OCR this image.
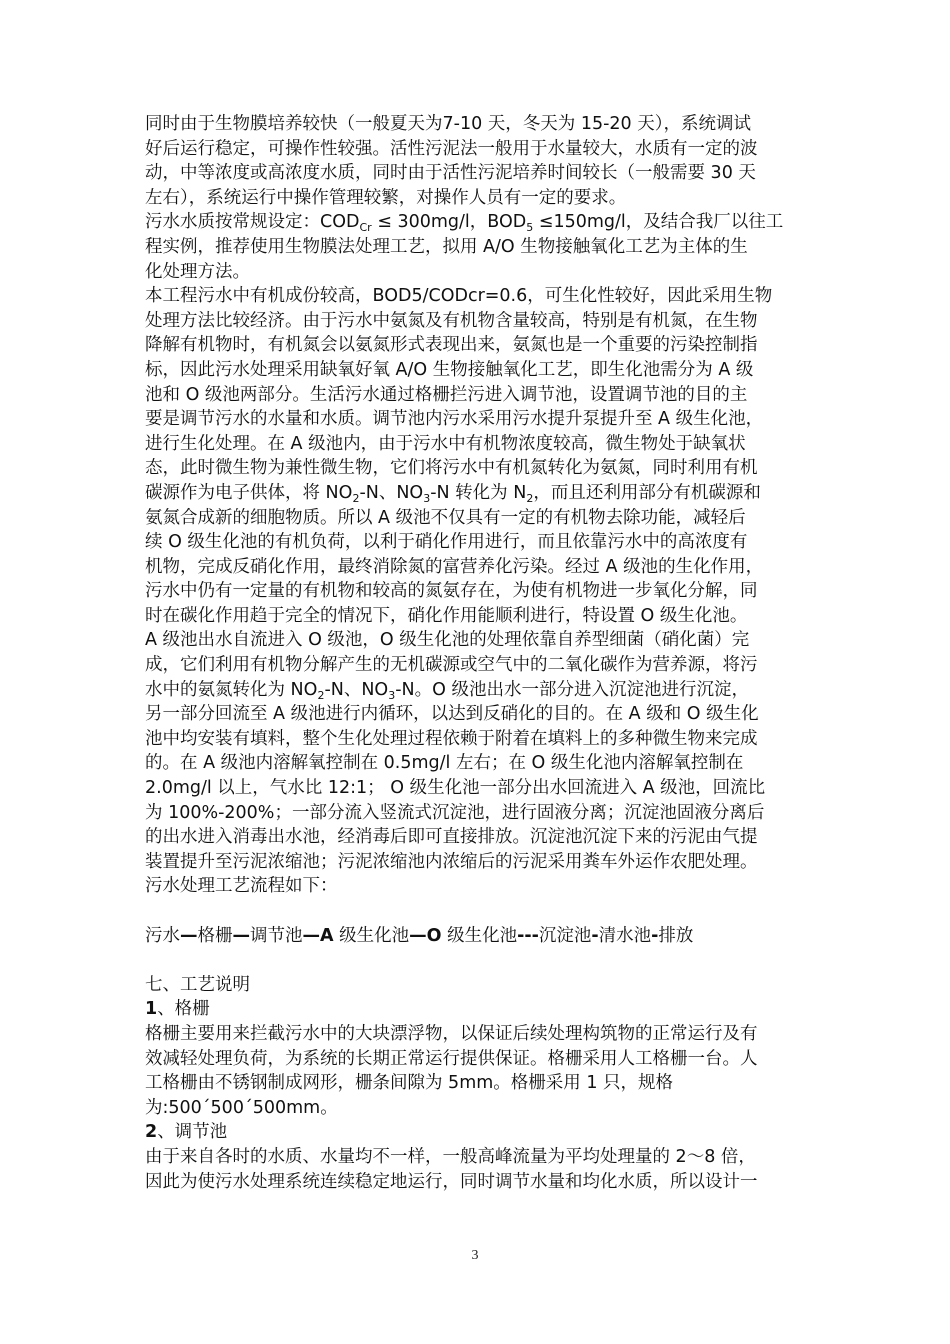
同时由于生物膜培养较快（一般夏天为7-10 天，冬天为 15-20 天），系统调试
好后运行稳定，可操作性较强。活性污泥法一般用于水量较大，水质有一定的波
动，中等浓度或高浓度水质，同时由于活性污泥培养时间较长（一般需要 30 天
左右），系统运行中操作管理较繁，对操作人员有一定的要求。
污水水质按常规设定：$COD_{Cr} \le 300mg/l$，$BOD_5 \le 150mg/l$，及结合我厂以往工
程实例，推荐使用生物膜法处理工艺，拟用 A/O 生物接触氧化工艺为主体的生
化处理方法。
本工程污水中有机成份较高，BOD5/CODcr=0.6，可生化性较好，因此采用生物
处理方法比较经济。由于污水中氨氮及有机物含量较高，特别是有机氮，在生物
降解有机物时，有机氮会以氨氮形式表现出来，氨氮也是一个重要的污染控制指
标，因此污水处理采用缺氧好氧 A/O 生物接触氧化工艺，即生化池需分为 A 级
池和 O 级池两部分。生活污水通过格栅拦污进入调节池，设置调节池的目的主
要是调节污水的水量和水质。调节池内污水采用污水提升泵提升至 A 级生化池，
进行生化处理。在 A 级池内，由于污水中有机物浓度较高，微生物处于缺氧状
态，此时微生物为兼性微生物，它们将污水中有机氮转化为氨氮，同时利用有机
碳源作为电子供体，将 $NO_2-N$、$NO_3-N$ 转化为 $N_2$，而且还利用部分有机碳源和
氨氮合成新的细胞物质。所以 A 级池不仅具有一定的有机物去除功能，减轻后
续 O 级生化池的有机负荷，以利于硝化作用进行，而且依靠污水中的高浓度有
机物，完成反硝化作用，最终消除氮的富营养化污染。经过 A 级池的生化作用，
污水中仍有一定量的有机物和较高的氮氨存在，为使有机物进一步氧化分解，同
时在碳化作用趋于完全的情况下，硝化作用能顺利进行，特设置 O 级生化池。
A 级池出水自流进入 O 级池，O 级生化池的处理依靠自养型细菌（硝化菌）完
成，它们利用有机物分解产生的无机碳源或空气中的二氧化碳作为营养源，将污
水中的氨氮转化为 $NO_2-N$、$NO_3-N$。O 级池出水一部分进入沉淀池进行沉淀，
另一部分回流至 A 级池进行内循环，以达到反硝化的目的。在 A 级和 O 级生化
池中均安装有填料，整个生化处理过程依赖于附着在填料上的多种微生物来完成
的。在 A 级池内溶解氧控制在 0.5mg/l 左右；在 O 级生化池内溶解氧控制在
2.0mg/l 以上，气水比 12:1； O 级生化池一部分出水回流进入 A 级池，回流比
为 100%-200%；一部分流入竖流式沉淀池，进行固液分离；沉淀池固液分离后
的出水进入消毒出水池，经消毒后即可直接排放。沉淀池沉淀下来的污泥由气提
装置提升至污泥浓缩池；污泥浓缩池内浓缩后的污泥采用粪车外运作农肥处理。
污水处理工艺流程如下：
污水—格栅—调节池—A 级生化池—O 级生化池---沉淀池-清水池-排放
七、工艺说明
1、格栅
格栅主要用来拦截污水中的大块漂浮物，以保证后续处理构筑物的正常运行及有
效减轻处理负荷，为系统的长期正常运行提供保证。格栅采用人工格栅一台。人
工格栅由不锈钢制成网形，栅条间隙为 5mm。格栅采用 1 只，规格
为:500´500´500mm。
2、调节池
由于来自各时的水质、水量均不一样，一般高峰流量为平均处理量的 2～8 倍，
因此为使污水处理系统连续稳定地运行，同时调节水量和均化水质，所以设计一
3
